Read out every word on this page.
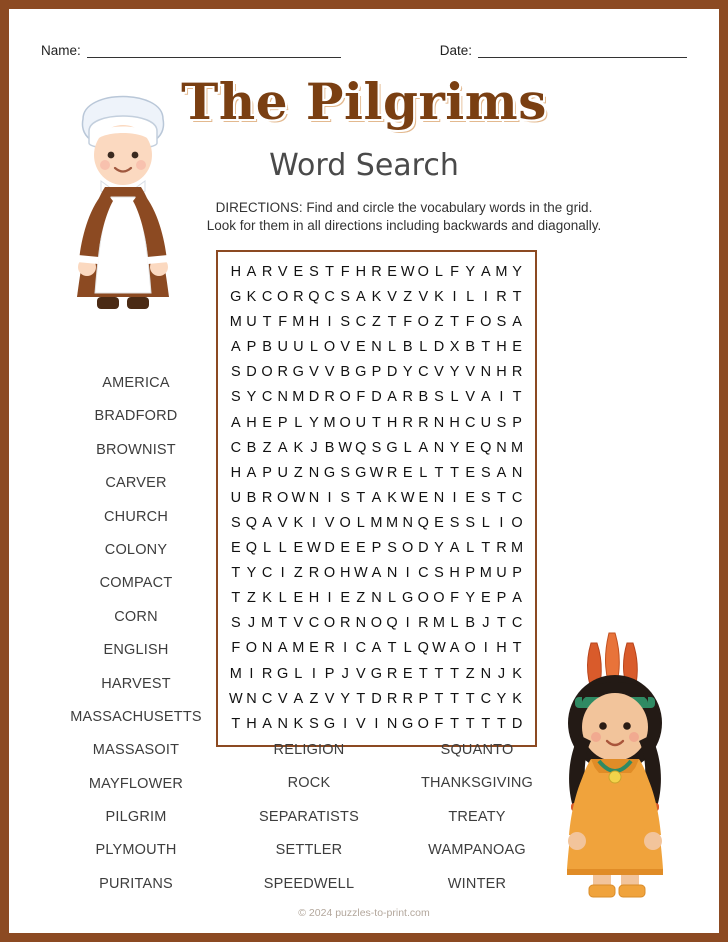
Name:	Date:
The Pilgrims
Word Search
DIRECTIONS: Find and circle the vocabulary words in the grid.
Look for them in all directions including backwards and diagonally.
H A R V E S T F H R E W O L F Y A M Y
G K C O R Q C S A K V Z V K I L I R T
M U T F M H I S C Z T F O Z T F O S A
A P B U U L O V E N L B L D X B T H E
S D O R G V V B G P D Y C V Y V N H R
S Y C N M D R O F D A R B S L V A I T
A H E P L Y M O U T H R R N H C U S P
C B Z A K J B W Q S G L A N Y E Q N M
H A P U Z N G S G W R E L T T E S A N
U B R O W N I S T A K W E N I E S T C
S Q A V K I V O L M M N Q E S S L I O
E Q L L E W D E E P S O D Y A L T R M
T Y C I Z R O H W A N I C S H P M U P
T Z K L E H I E Z N L G O O F Y E P A
S J M T V C O R N O Q I R M L B J T C
F O N A M E R I C A T L Q W A O I H T
M I R G L I P J V G R E T T T Z N J K
W N C V A Z V Y T D R R P T T T C Y K
T H A N K S G I V I N G O F T T T T D
AMERICA
BRADFORD
BROWNIST
CARVER
CHURCH
COLONY
COMPACT
CORN
ENGLISH
HARVEST
MASSACHUSETTS
MASSASOIT
MAYFLOWER
PILGRIM
PLYMOUTH
PURITANS
RELIGION
ROCK
SEPARATISTS
SETTLER
SPEEDWELL
SQUANTO
THANKSGIVING
TREATY
WAMPANOAG
WINTER
© 2024 puzzles-to-print.com
